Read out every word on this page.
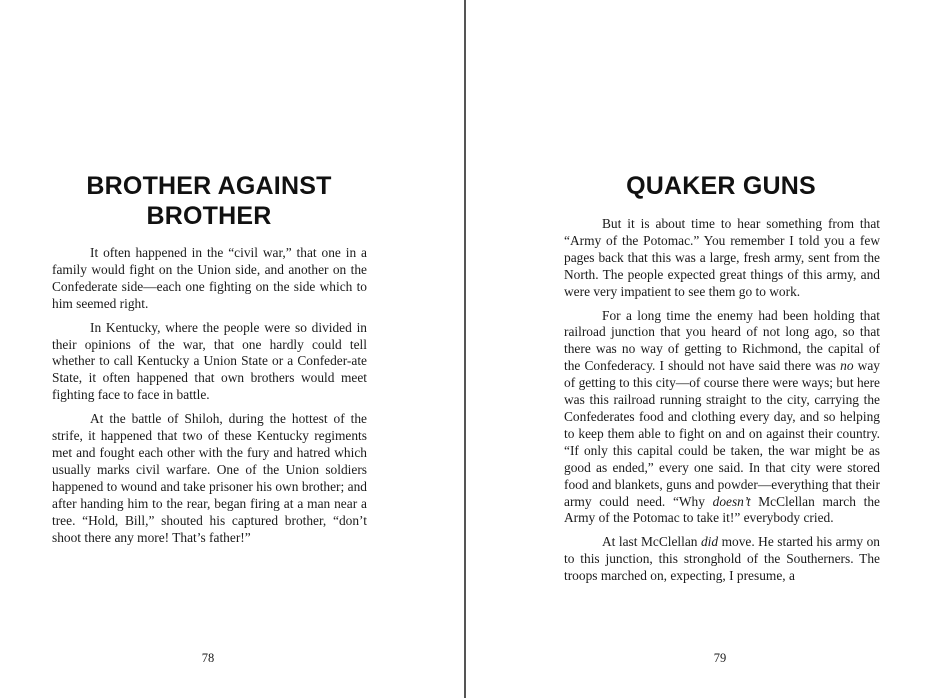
BROTHER AGAINST BROTHER

It often happened in the “civil war,” that one in a family would fight on the Union side, and another on the Confederate side—each one fighting on the side which to him seemed right.

In Kentucky, where the people were so divided in their opinions of the war, that one hardly could tell whether to call Kentucky a Union State or a Confeder-ate State, it often happened that own brothers would meet fighting face to face in battle.

At the battle of Shiloh, during the hottest of the strife, it happened that two of these Kentucky regiments met and fought each other with the fury and hatred which usually marks civil warfare. One of the Union soldiers happened to wound and take prisoner his own brother; and after handing him to the rear, began firing at a man near a tree. “Hold, Bill,” shouted his captured brother, “don’t shoot there any more! That’s father!”

78
QUAKER GUNS

But it is about time to hear something from that “Army of the Potomac.” You remember I told you a few pages back that this was a large, fresh army, sent from the North. The people expected great things of this army, and were very impatient to see them go to work.

For a long time the enemy had been holding that railroad junction that you heard of not long ago, so that there was no way of getting to Richmond, the capital of the Confederacy. I should not have said there was no way of getting to this city—of course there were ways; but here was this railroad running straight to the city, carrying the Confederates food and clothing every day, and so helping to keep them able to fight on and on against their country. “If only this capital could be taken, the war might be as good as ended,” every one said. In that city were stored food and blankets, guns and powder—everything that their army could need. “Why doesn’t McClellan march the Army of the Potomac to take it!” everybody cried.

At last McClellan did move. He started his army on to this junction, this stronghold of the Southerners. The troops marched on, expecting, I presume, a

79
